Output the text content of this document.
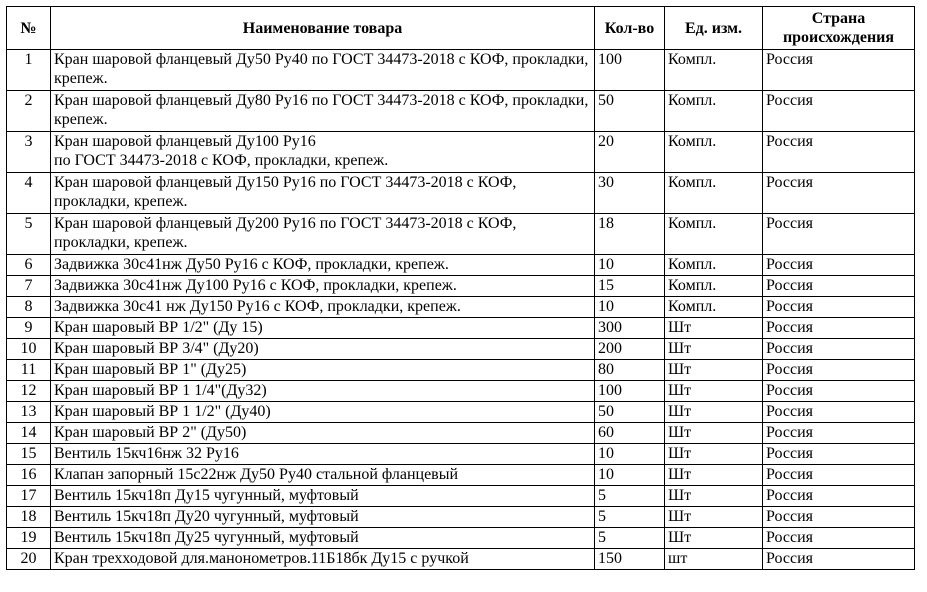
№	Наименование товара	Кол-во	Ед. изм.	Страна происхождения
1	Кран шаровой фланцевый Ду50 Ру40 по ГОСТ 34473-2018 с КОФ, прокладки, крепеж.	100	Компл.	Россия
2	Кран шаровой фланцевый Ду80 Ру16 по ГОСТ 34473-2018 с КОФ, прокладки, крепеж.	50	Компл.	Россия
3	Кран шаровой фланцевый Ду100 Ру16
по ГОСТ 34473-2018 с КОФ, прокладки, крепеж.	20	Компл.	Россия
4	Кран шаровой фланцевый Ду150 Ру16 по ГОСТ 34473-2018 с КОФ, прокладки, крепеж.	30	Компл.	Россия
5	Кран шаровой фланцевый Ду200 Ру16 по ГОСТ 34473-2018 с КОФ, прокладки, крепеж.	18	Компл.	Россия
6	Задвижка 30с41нж Ду50 Ру16 с КОФ, прокладки, крепеж.	10	Компл.	Россия
7	Задвижка 30с41нж Ду100 Ру16 с КОФ, прокладки, крепеж.	15	Компл.	Россия
8	Задвижка 30с41 нж Ду150 Ру16 с КОФ, прокладки, крепеж.	10	Компл.	Россия
9	Кран шаровый ВР 1/2" (Ду 15)	300	Шт	Россия
10	Кран шаровый ВР 3/4" (Ду20)	200	Шт	Россия
11	Кран шаровый ВР 1" (Ду25)	80	Шт	Россия
12	Кран шаровый ВР 1 1/4"(Ду32)	100	Шт	Россия
13	Кран шаровый ВР 1 1/2" (Ду40)	50	Шт	Россия
14	Кран шаровый ВР 2" (Ду50)	60	Шт	Россия
15	Вентиль 15кч16нж 32 Ру16	10	Шт	Россия
16	Клапан запорный 15с22нж Ду50 Ру40 стальной фланцевый	10	Шт	Россия
17	Вентиль 15кч18п Ду15 чугунный, муфтовый	5	Шт	Россия
18	Вентиль 15кч18п Ду20 чугунный, муфтовый	5	Шт	Россия
19	Вентиль 15кч18п Ду25 чугунный, муфтовый	5	Шт	Россия
20	Кран трехходовой для.манонометров.11Б18бк Ду15 с ручкой	150	шт	Россия
